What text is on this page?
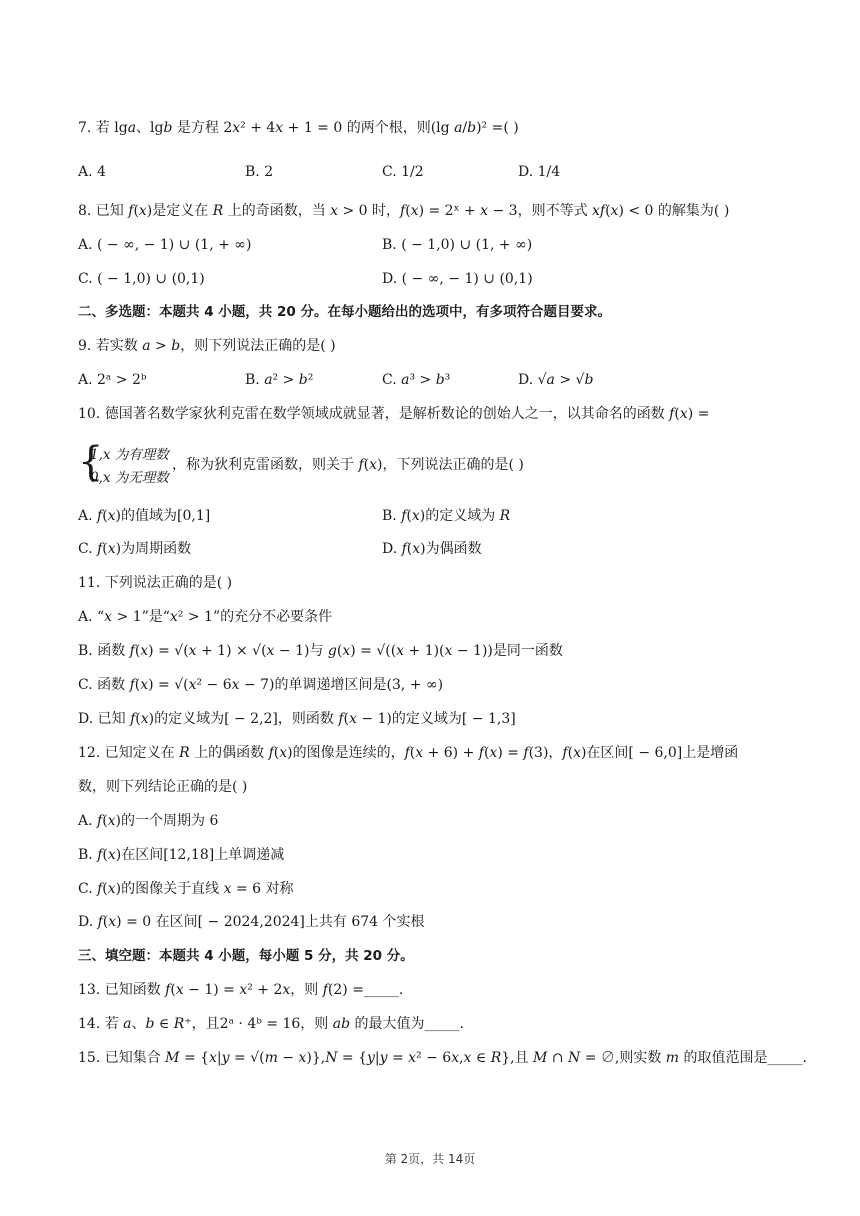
7. 若 lg𝑎、lg𝑏 是方程 2𝑥² + 4𝑥 + 1 = 0 的两个根，则(lg 𝑎/𝑏)² =( )
A. 4	B. 2	C. 1/2	D. 1/4
8. 已知 𝑓(𝑥)是定义在 𝑅 上的奇函数，当 𝑥 > 0 时，𝑓(𝑥) = 2ˣ + 𝑥 − 3，则不等式 𝑥𝑓(𝑥) < 0 的解集为( )
A. ( − ∞, − 1) ∪ (1, + ∞)	B. ( − 1,0) ∪ (1, + ∞)
C. ( − 1,0) ∪ (0,1)	D. ( − ∞, − 1) ∪ (0,1)
二、多选题：本题共 4 小题，共 20 分。在每小题给出的选项中，有多项符合题目要求。
9. 若实数 𝑎 > 𝑏，则下列说法正确的是( )
A. 2ᵃ > 2ᵇ	B. 𝑎² > 𝑏²	C. 𝑎³ > 𝑏³	D. √𝑎 > √𝑏
10. 德国著名数学家狄利克雷在数学领域成就显著，是解析数论的创始人之一，以其命名的函数 𝑓(𝑥) =
{
1,𝑥 为有理数
0,𝑥 为无理数
，称为狄利克雷函数，则关于 𝑓(𝑥)，下列说法正确的是( )
A. 𝑓(𝑥)的值域为[0,1]	B. 𝑓(𝑥)的定义域为 𝑅
C. 𝑓(𝑥)为周期函数	D. 𝑓(𝑥)为偶函数
11. 下列说法正确的是( )
A. “𝑥 > 1”是“𝑥² > 1”的充分不必要条件
B. 函数 𝑓(𝑥) = √(𝑥 + 1) × √(𝑥 − 1)与 𝑔(𝑥) = √((𝑥 + 1)(𝑥 − 1))是同一函数
C. 函数 𝑓(𝑥) = √(𝑥² − 6𝑥 − 7)的单调递增区间是(3, + ∞)
D. 已知 𝑓(𝑥)的定义域为[ − 2,2]，则函数 𝑓(𝑥 − 1)的定义域为[ − 1,3]
12. 已知定义在 𝑅 上的偶函数 𝑓(𝑥)的图像是连续的，𝑓(𝑥 + 6) + 𝑓(𝑥) = 𝑓(3)，𝑓(𝑥)在区间[ − 6,0]上是增函
数，则下列结论正确的是( )
A. 𝑓(𝑥)的一个周期为 6
B. 𝑓(𝑥)在区间[12,18]上单调递减
C. 𝑓(𝑥)的图像关于直线 𝑥 = 6 对称
D. 𝑓(𝑥) = 0 在区间[ − 2024,2024]上共有 674 个实根
三、填空题：本题共 4 小题，每小题 5 分，共 20 分。
13. 已知函数 𝑓(𝑥 − 1) = 𝑥² + 2𝑥，则 𝑓(2) =_____.
14. 若 𝑎、𝑏 ∈ 𝑅⁺，且2ᵃ · 4ᵇ = 16，则 𝑎𝑏 的最大值为_____.
15. 已知集合 𝑀 = {𝑥|𝑦 = √(𝑚 − 𝑥)},𝑁 = {𝑦|𝑦 = 𝑥² − 6𝑥,𝑥 ∈ 𝑅},且 𝑀 ∩ 𝑁 = ∅,则实数 𝑚 的取值范围是_____.
第 2页，共 14页
